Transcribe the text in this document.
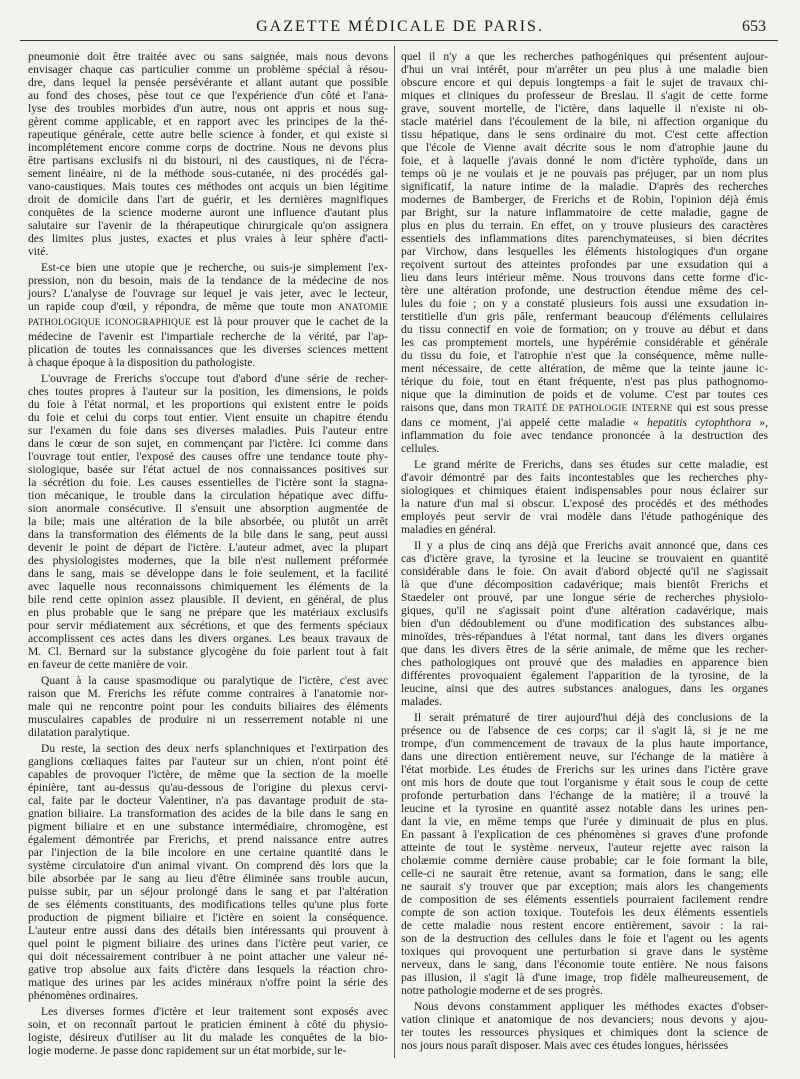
GAZETTE MÉDICALE DE PARIS.	653
pneumonie doit être traitée avec ou sans saignée, mais nous devons
envisager chaque cas particulier comme un problème spécial à résou-
dre, dans lequel la pensée persévérante et allant autant que possible
au fond des choses, pèse tout ce que l'expérience d'un côté et l'ana-
lyse des troubles morbides d'un autre, nous ont appris et nous sug-
gèrent comme applicable, et en rapport avec les principes de la thé-
rapeutique générale, cette autre belle science à fonder, et qui existe si
incomplétement encore comme corps de doctrine. Nous ne devons plus
être partisans exclusifs ni du bistouri, ni des caustiques, ni de l'écra-
sement linéaire, ni de la méthode sous-cutanée, ni des procédés gal-
vano-caustiques. Mais toutes ces méthodes ont acquis un bien légitime
droit de domicile dans l'art de guérir, et les dernières magnifiques
conquêtes de la science moderne auront une influence d'autant plus
salutaire sur l'avenir de la thérapeutique chirurgicale qu'on assignera
des limites plus justes, exactes et plus vraies à leur sphère d'acti-
vité.
Est-ce bien une utopie que je recherche, ou suis-je simplement l'ex-
pression, non du besoin, mais de la tendance de la médecine de nos
jours? L'analyse de l'ouvrage sur lequel je vais jeter, avec le lecteur,
un rapide coup d'œil, y répondra, de même que toute mon ANATOMIE
PATHOLOGIQUE ICONOGRAPHIQUE est là pour prouver que le cachet de la
médecine de l'avenir est l'impartiale recherche de la vérité, par l'ap-
plication de toutes les connaissances que les diverses sciences mettent
à chaque époque à la disposition du pathologiste.
L'ouvrage de Frerichs s'occupe tout d'abord d'une série de recher-
ches toutes propres à l'auteur sur la position, les dimensions, le poids
du foie à l'état normal, et les proportions qui existent entre le poids
du foie et celui du corps tout entier. Vient ensuite un chapitre étendu
sur l'examen du foie dans ses diverses maladies. Puis l'auteur entre
dans le cœur de son sujet, en commençant par l'ictère. Ici comme dans
l'ouvrage tout entier, l'exposé des causes offre une tendance toute phy-
siologique, basée sur l'état actuel de nos connaissances positives sur
la sécrétion du foie. Les causes essentielles de l'ictère sont la stagna-
tion mécanique, le trouble dans la circulation hépatique avec diffu-
sion anormale consécutive. Il s'ensuit une absorption augmentée de
la bile; mais une altération de la bile absorbée, ou plutôt un arrêt
dans la transformation des éléments de la bile dans le sang, peut aussi
devenir le point de départ de l'ictère. L'auteur admet, avec la plupart
des physiologistes modernes, que la bile n'est nullement préformée
dans le sang, mais se développe dans le foie seulement, et la facilité
avec laquelle nous reconnaissons chimiquement les éléments de la
bile rend cette opinion assez plausible. Il devient, en général, de plus
en plus probable que le sang ne prépare que les matériaux exclusifs
pour servir médiatement aux sécrétions, et que des ferments spéciaux
accomplissent ces actes dans les divers organes. Les beaux travaux de
M. Cl. Bernard sur la substance glycogène du foie parlent tout à fait
en faveur de cette manière de voir.
Quant à la cause spasmodique ou paralytique de l'ictère, c'est avec
raison que M. Frerichs les réfute comme contraires à l'anatomie nor-
male qui ne rencontre point pour les conduits biliaires des éléments
musculaires capables de produire ni un resserrement notable ni une
dilatation paralytique.
Du reste, la section des deux nerfs splanchniques et l'extirpation des
ganglions cœliaques faites par l'auteur sur un chien, n'ont point été
capables de provoquer l'ictère, de même que la section de la moelle
épinière, tant au-dessus qu'au-dessous de l'origine du plexus cervi-
cal, faite par le docteur Valentiner, n'a pas davantage produit de sta-
gnation biliaire. La transformation des acides de la bile dans le sang en
pigment biliaire et en une substance intermédiaire, chromogène, est
également démontrée par Frerichs, et prend naissance entre autres
par l'injection de la bile incolore en une certaine quantité dans le
système circulatoire d'un animal vivant. On comprend dès lors que la
bile absorbée par le sang au lieu d'être éliminée sans trouble aucun,
puisse subir, par un séjour prolongé dans le sang et par l'altération
de ses éléments constituants, des modifications telles qu'une plus forte
production de pigment biliaire et l'ictère en soient la conséquence.
L'auteur entre aussi dans des détails bien intéressants qui prouvent à
quel point le pigment biliaire des urines dans l'ictère peut varier, ce
qui doit nécessairement contribuer à ne point attacher une valeur né-
gative trop absolue aux faits d'ictère dans lesquels la réaction chro-
matique des urines par les acides minéraux n'offre point la série des
phénomènes ordinaires.
Les diverses formes d'ictère et leur traitement sont exposés avec
soin, et on reconnaît partout le praticien éminent à côté du physio-
logiste, désireux d'utiliser au lit du malade les conquêtes de la bio-
logie moderne. Je passe donc rapidement sur un état morbide, sur le-
quel il n'y a que les recherches pathogéniques qui présentent aujour-
d'hui un vrai intérêt, pour m'arrêter un peu plus à une maladie bien
obscure encore et qui depuis longtemps a fait le sujet de travaux chi-
miques et cliniques du professeur de Breslau. Il s'agit de cette forme
grave, souvent mortelle, de l'ictère, dans laquelle il n'existe ni ob-
stacle matériel dans l'écoulement de la bile, ni affection organique du
tissu hépatique, dans le sens ordinaire du mot. C'est cette affection
que l'école de Vienne avait décrite sous le nom d'atrophie jaune du
foie, et à laquelle j'avais donné le nom d'ictère typhoïde, dans un
temps où je ne voulais et je ne pouvais pas préjuger, par un nom plus
significatif, la nature intime de la maladie. D'après des recherches
modernes de Bamberger, de Frerichs et de Robin, l'opinion déjà émis
par Bright, sur la nature inflammatoire de cette maladie, gagne de
plus en plus du terrain. En effet, on y trouve plusieurs des caractères
essentiels des inflammations dites parenchymateuses, si bien décrites
par Virchow, dans lesquelles les éléments histologiques d'un organe
reçoivent surtout des atteintes profondes par une exsudation qui a
lieu dans leurs intérieur même. Nous trouvons dans cette forme d'ic-
tère une altération profonde, une destruction étendue même des cel-
lules du foie ; on y a constaté plusieurs fois aussi une exsudation in-
terstitielle d'un gris pâle, renfermant beaucoup d'éléments cellulaires
du tissu connectif en voie de formation; on y trouve au début et dans
les cas promptement mortels, une hypérémie considérable et générale
du tissu du foie, et l'atrophie n'est que la conséquence, même nulle-
ment nécessaire, de cette altération, de même que la teinte jaune ic-
térique du foie, tout en étant fréquente, n'est pas plus pathognomo-
nique que la diminution de poids et de volume. C'est par toutes ces
raisons que, dans mon TRAITÉ DE PATHOLOGIE INTERNE qui est sous presse
dans ce moment, j'ai appelé cette maladie « hepatitis cytophthora »,
inflammation du foie avec tendance prononcée à la destruction des
cellules.
Le grand mérite de Frerichs, dans ses études sur cette maladie, est
d'avoir démontré par des faits incontestables que les recherches phy-
siologiques et chimiques étaient indispensables pour nous éclairer sur
la nature d'un mal si obscur. L'exposé des procédés et des méthodes
employés peut servir de vrai modèle dans l'étude pathogénique des
maladies en général.
Il y a plus de cinq ans déjà que Frerichs avait annoncé que, dans ces
cas d'ictère grave, la tyrosine et la leucine se trouvaient en quantité
considérable dans le foie. On avait d'abord objecté qu'il ne s'agissait
là que d'une décomposition cadavérique; mais bientôt Frerichs et
Staedeler ont prouvé, par une longue série de recherches physiolo-
giques, qu'il ne s'agissait point d'une altération cadavérique, mais
bien d'un dédoublement ou d'une modification des substances albu-
minoïdes, très-répandues à l'état normal, tant dans les divers organes
que dans les divers êtres de la série animale, de même que les recher-
ches pathologiques ont prouvé que des maladies en apparence bien
différentes provoquaient également l'apparition de la tyrosine, de la
leucine, ainsi que des autres substances analogues, dans les organes
malades.
Il serait prématuré de tirer aujourd'hui déjà des conclusions de la
présence ou de l'absence de ces corps; car il s'agit là, si je ne me
trompe, d'un commencement de travaux de la plus haute importance,
dans une direction entièrement neuve, sur l'échange de la matière à
l'état morbide. Les études de Frerichs sur les urines dans l'ictère grave
ont mis hors de doute que tout l'organisme y était sous le coup de cette
profonde perturbation dans l'échange de la matière; il a trouvé la
leucine et la tyrosine en quantité assez notable dans les urines pen-
dant la vie, en même temps que l'urée y diminuait de plus en plus.
En passant à l'explication de ces phénomènes si graves d'une profonde
atteinte de tout le système nerveux, l'auteur rejette avec raison la
cholæmie comme dernière cause probable; car le foie formant la bile,
celle-ci ne saurait être retenue, avant sa formation, dans le sang; elle
ne saurait s'y trouver que par exception; mais alors les changements
de composition de ses éléments essentiels pourraient facilement rendre
compte de son action toxique. Toutefois les deux éléments essentiels
de cette maladie nous restent encore entièrement, savoir : la rai-
son de la destruction des cellules dans le foie et l'agent ou les agents
toxiques qui provoquent une perturbation si grave dans le système
nerveux, dans le sang, dans l'économie toute entière. Ne nous faisons
pas illusion, il s'agit là d'une image, trop fidèle malheureusement, de
notre pathologie moderne et de ses progrès.
Nous devons constamment appliquer les méthodes exactes d'obser-
vation clinique et anatomique de nos devanciers; nous devons y ajou-
ter toutes les ressources physiques et chimiques dont la science de
nos jours nous paraît disposer. Mais avec ces études longues, hérissées
